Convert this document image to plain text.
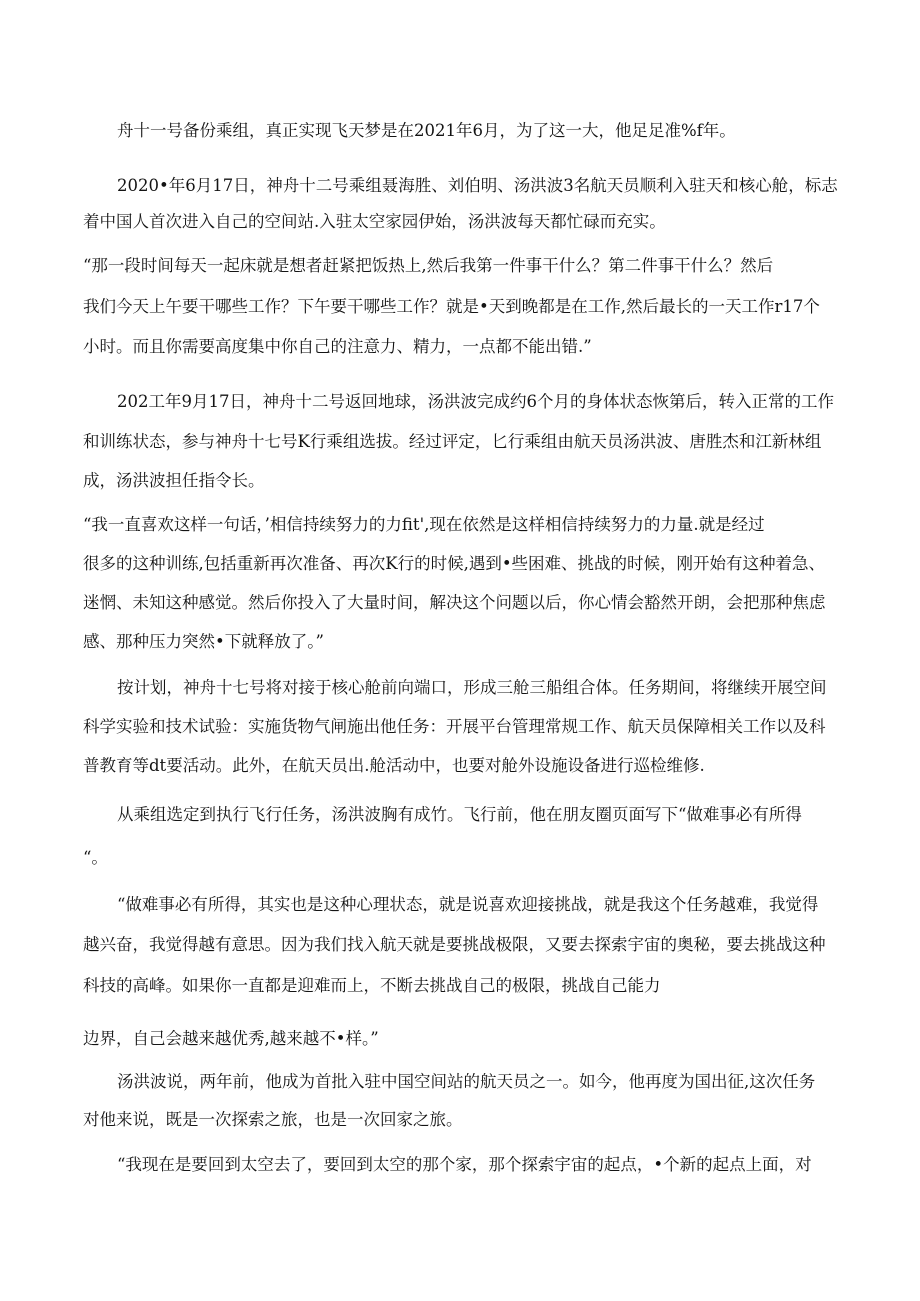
舟十一号备份乘组，真正实现飞天梦是在2021年6月，为了这一大，他足足准%f年。
2020•年6月17日，神舟十二号乘组聂海胜、刘伯明、汤洪波3名航天员顺利入驻天和核心舱，标志
着中国人首次进入自己的空间站.入驻太空家园伊始，汤洪波每天都忙碌而充实。
“那一段时间每天一起床就是想者赶紧把饭热上,然后我第一件事干什么？第二件事干什么？然后
我们今天上午要干哪些工作？下午要干哪些工作？就是•天到晚都是在工作,然后最长的一天工作r17个
小时。而且你需要高度集中你自己的注意力、精力，一点都不能出错.”
202工年9月17日，神舟十二号返回地球，汤洪波完成约6个月的身体状态恢第后，转入正常的工作
和训练状态，参与神舟十七号K行乘组选拔。经过评定，匕行乘组由航天员汤洪波、唐胜杰和江新林组
成，汤洪波担任指令长。
“我一直喜欢这样一句话，’相信持续努力的力fit',现在依然是这样相信持续努力的力量.就是经过
很多的这种训练,包括重新再次准备、再次K行的时候,遇到•些困难、挑战的时候，刚开始有这种着急、
迷惘、未知这种感觉。然后你投入了大量时间，解决这个问题以后，你心情会豁然开朗，会把那种焦虑
感、那种压力突然•下就释放了。”
按计划，神舟十七号将对接于核心舱前向端口，形成三舱三船组合体。任务期间，将继续开展空间
科学实验和技术试验：实施货物气闸施出他任务：开展平台管理常规工作、航天员保障相关工作以及科
普教育等dt要活动。此外，在航天员出.舱活动中，也要对舱外设施设备进行巡检维修.
从乘组选定到执行飞行任务，汤洪波胸有成竹。飞行前，他在朋友圈页面写下“做难事必有所得
“。
“做难事必有所得，其实也是这种心理状态，就是说喜欢迎接挑战，就是我这个任务越难，我觉得
越兴奋，我觉得越有意思。因为我们找入航天就是要挑战极限，又要去探索宇宙的奥秘，要去挑战这种
科技的高峰。如果你一直都是迎难而上，不断去挑战自己的极限，挑战自己能力
边界，自己会越来越优秀,越来越不•样。”
汤洪波说，两年前，他成为首批入驻中国空间站的航天员之一。如今，他再度为国出征,这次任务
对他来说，既是一次探索之旅，也是一次回家之旅。
“我现在是要回到太空去了，要回到太空的那个家，那个探索宇宙的起点，•个新的起点上面，对
